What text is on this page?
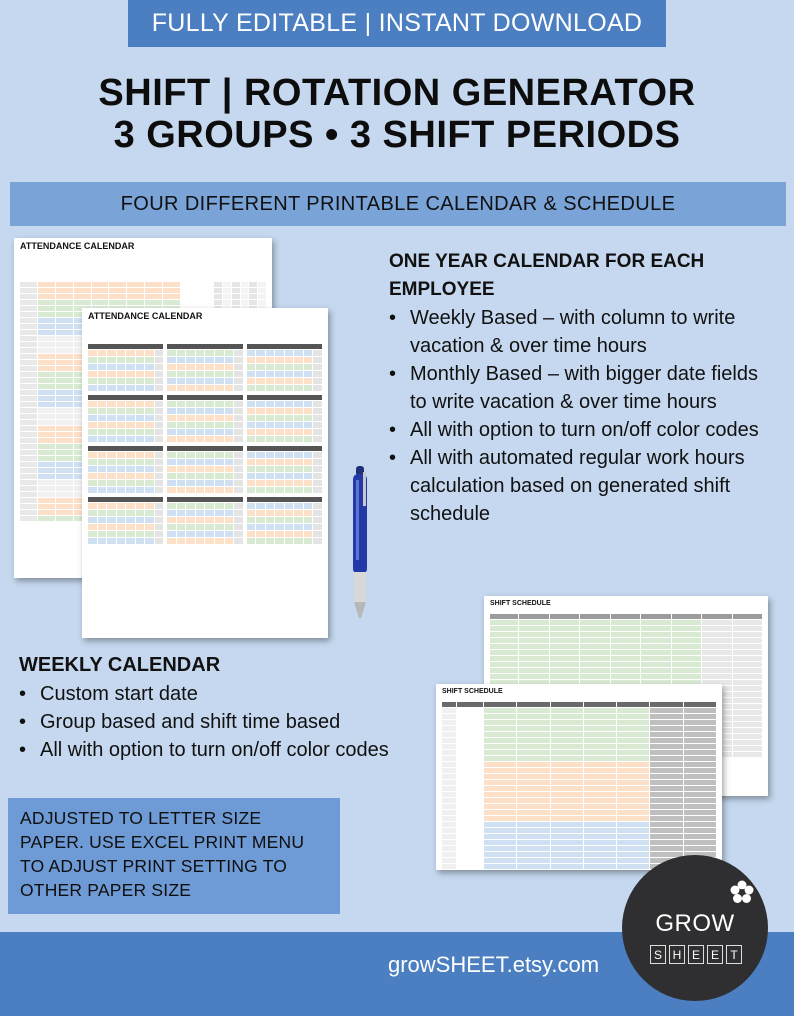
FULLY EDITABLE | INSTANT DOWNLOAD
SHIFT | ROTATION GENERATOR
3 GROUPS • 3 SHIFT PERIODS
FOUR DIFFERENT PRINTABLE CALENDAR & SCHEDULE
ATTENDANCE CALENDAR
ATTENDANCE CALENDAR
ONE YEAR CALENDAR FOR EACH EMPLOYEE
• Weekly Based – with column to write vacation & over time hours
• Monthly Based – with bigger date fields to write vacation & over time hours
• All with option to turn on/off color codes
• All with automated regular work hours calculation based on generated shift schedule
WEEKLY CALENDAR
• Custom start date
• Group based and shift time based
• All with option to turn on/off color codes
SHIFT SCHEDULE
SHIFT SCHEDULE
ADJUSTED TO LETTER SIZE PAPER. USE EXCEL PRINT MENU TO ADJUST PRINT SETTING TO OTHER PAPER SIZE
growSHEET.etsy.com
GROW
S H E E T
